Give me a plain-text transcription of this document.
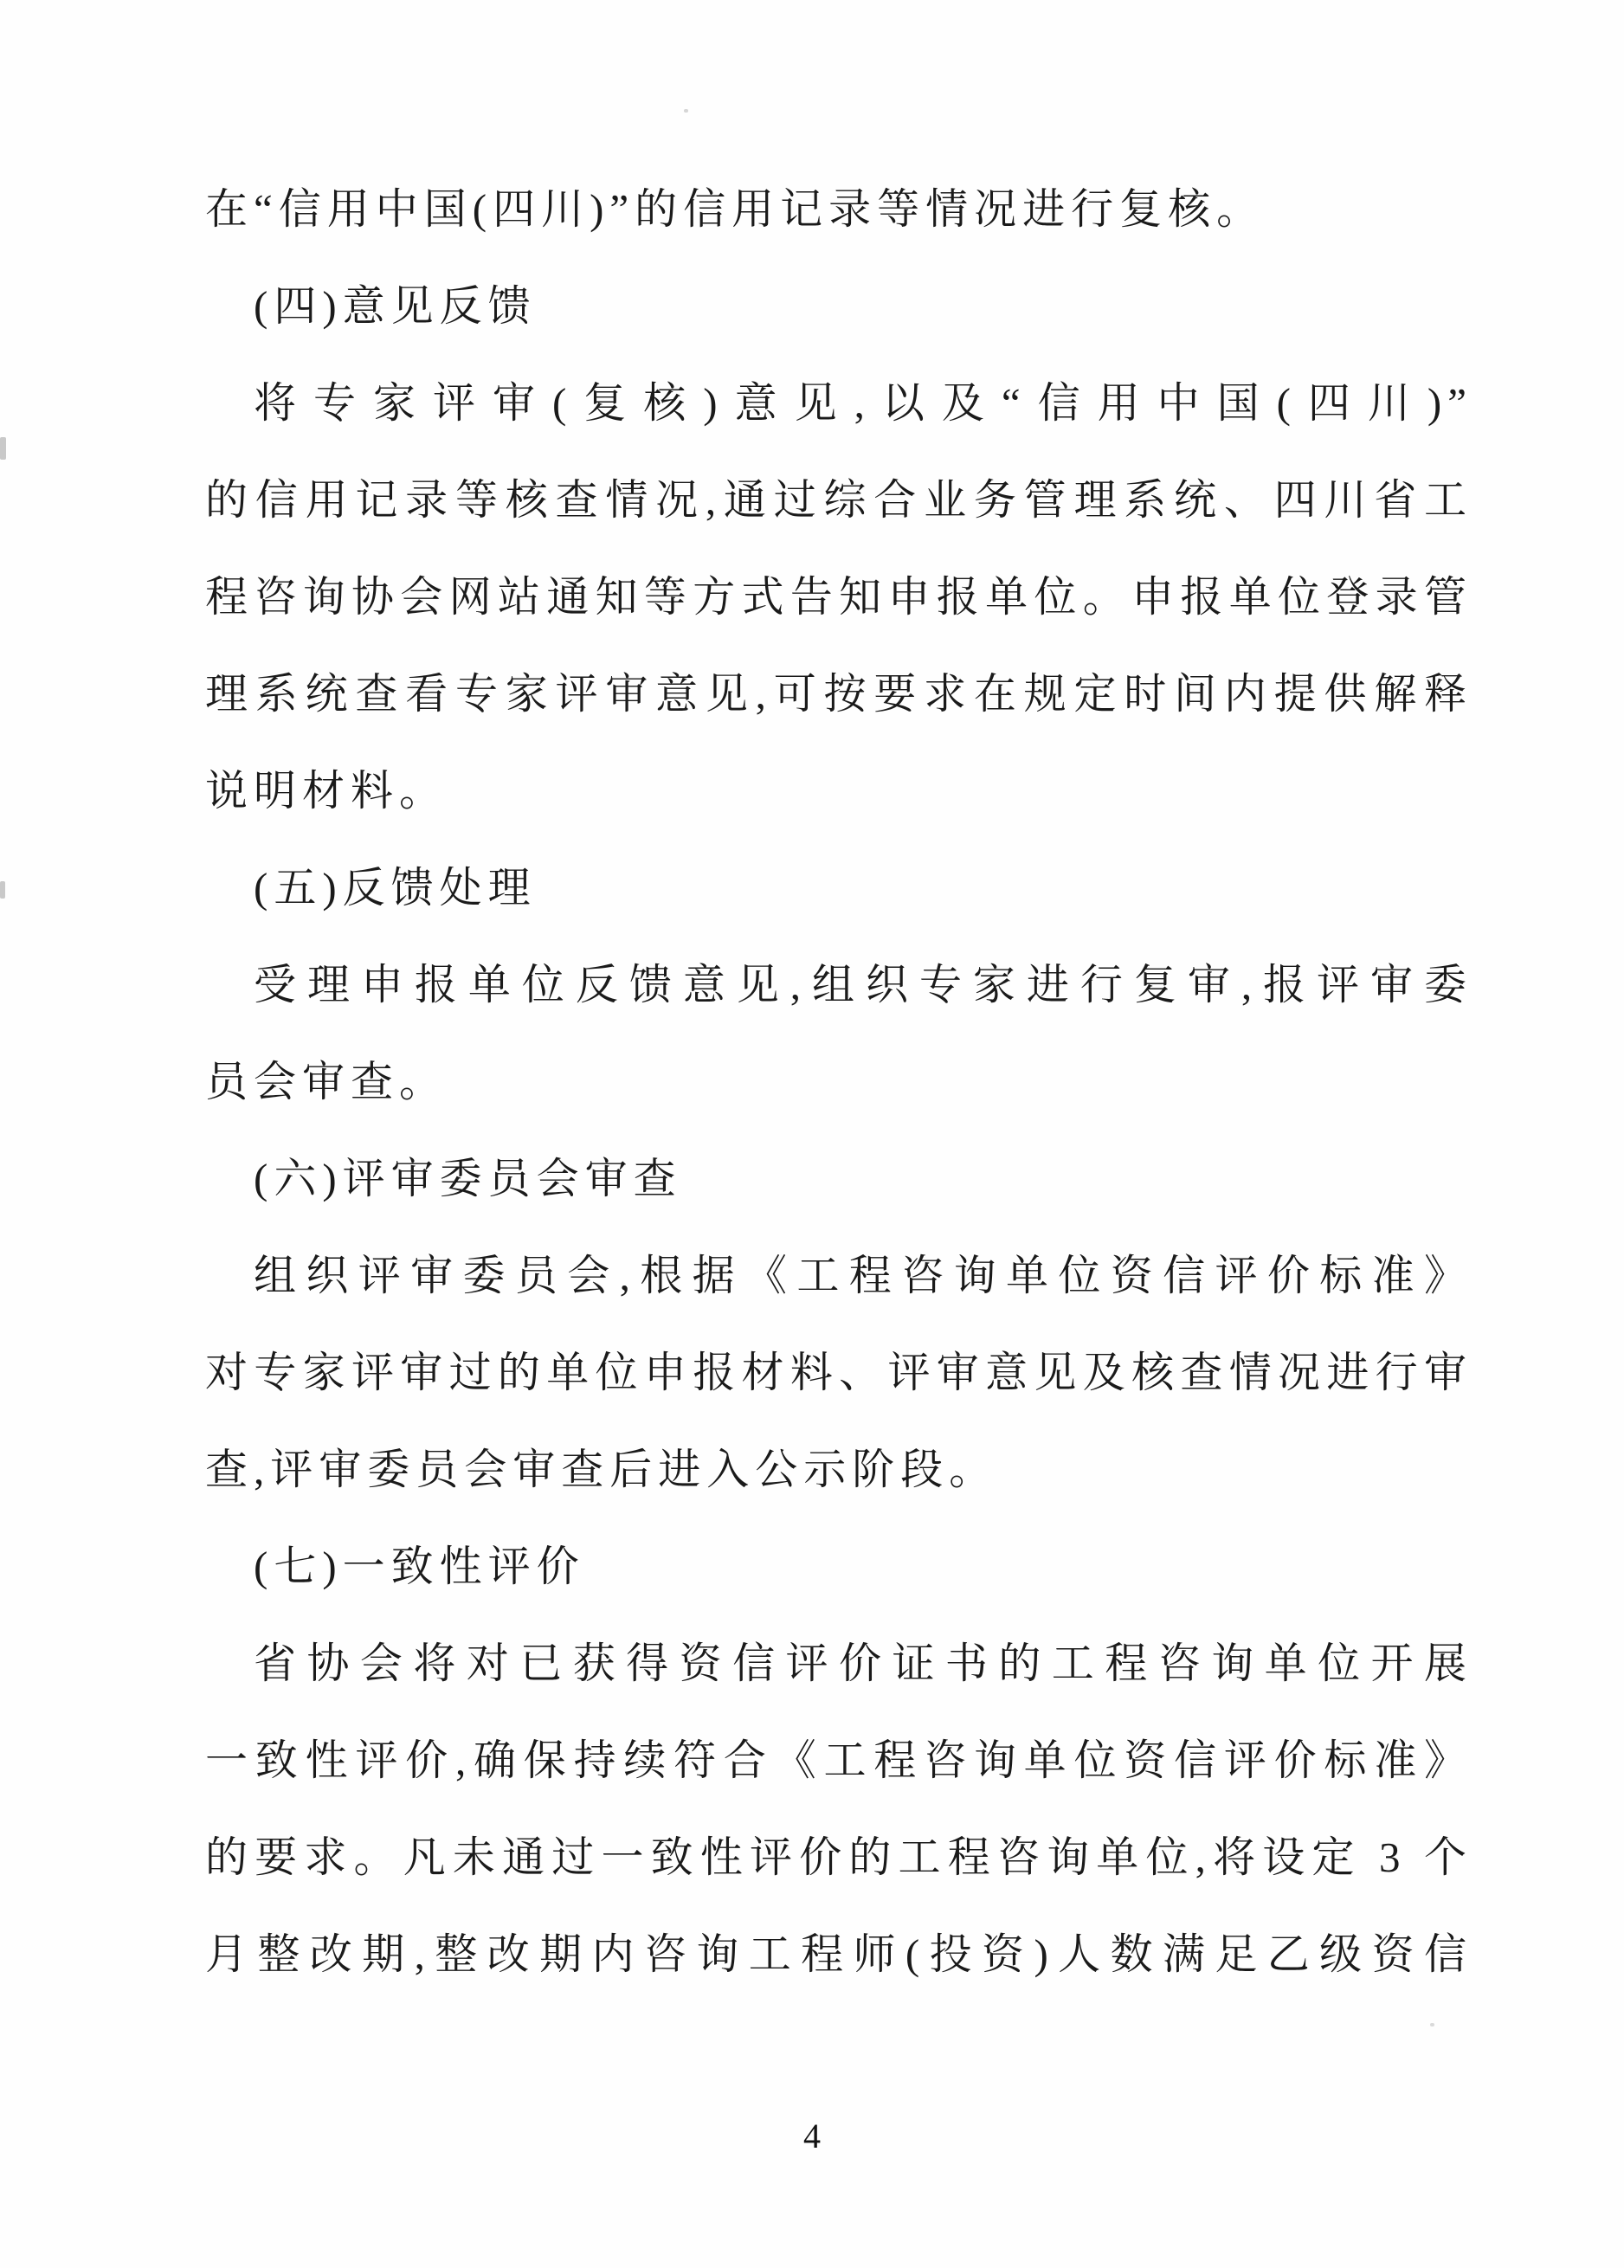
在“信用中国(四川)”的信用记录等情况进行复核。
(四)意见反馈
将专家评审(复核)意见,以及“信用中国(四川)”
的信用记录等核查情况,通过综合业务管理系统、四川省工
程咨询协会网站通知等方式告知申报单位。申报单位登录管
理系统查看专家评审意见,可按要求在规定时间内提供解释
说明材料。
(五)反馈处理
受理申报单位反馈意见,组织专家进行复审,报评审委
员会审查。
(六)评审委员会审查
组织评审委员会,根据《工程咨询单位资信评价标准》
对专家评审过的单位申报材料、评审意见及核查情况进行审
查,评审委员会审查后进入公示阶段。
(七)一致性评价
省协会将对已获得资信评价证书的工程咨询单位开展
一致性评价,确保持续符合《工程咨询单位资信评价标准》
的要求。凡未通过一致性评价的工程咨询单位,将设定 3 个
月整改期,整改期内咨询工程师(投资)人数满足乙级资信
4
